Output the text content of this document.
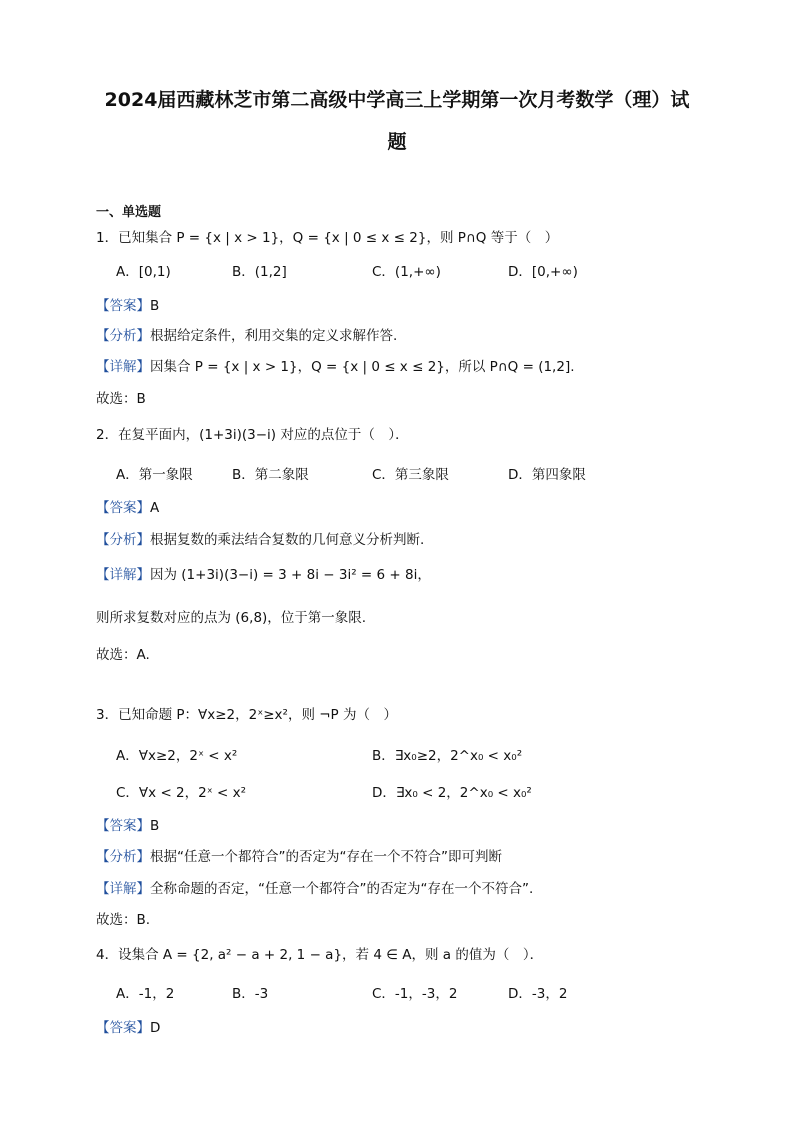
2024届西藏林芝市第二高级中学高三上学期第一次月考数学（理）试
题
一、单选题
1．已知集合 P = {x | x > 1}，Q = {x | 0 ≤ x ≤ 2}，则 P∩Q 等于（　）
A．[0,1)	B．(1,2]	C．(1,+∞)	D．[0,+∞)
【答案】B
【分析】根据给定条件，利用交集的定义求解作答.
【详解】因集合 P = {x | x > 1}，Q = {x | 0 ≤ x ≤ 2}，所以 P∩Q = (1,2].
故选：B
2．在复平面内，(1+3i)(3−i) 对应的点位于（　）．
A．第一象限	B．第二象限	C．第三象限	D．第四象限
【答案】A
【分析】根据复数的乘法结合复数的几何意义分析判断.
【详解】因为 (1+3i)(3−i) = 3 + 8i − 3i² = 6 + 8i，
则所求复数对应的点为 (6,8)，位于第一象限.
故选：A.
3．已知命题 P：∀x≥2，2ˣ≥x²，则 ¬P 为（　）
A．∀x≥2，2ˣ < x²	B．∃x₀≥2，2^x₀ < x₀²
C．∀x < 2，2ˣ < x²	D．∃x₀ < 2，2^x₀ < x₀²
【答案】B
【分析】根据“任意一个都符合”的否定为“存在一个不符合”即可判断
【详解】全称命题的否定，“任意一个都符合”的否定为“存在一个不符合”.
故选：B.
4．设集合 A = {2, a² − a + 2, 1 − a}，若 4 ∈ A，则 a 的值为（　）．
A．-1，2	B．-3	C．-1，-3，2	D．-3，2
【答案】D
